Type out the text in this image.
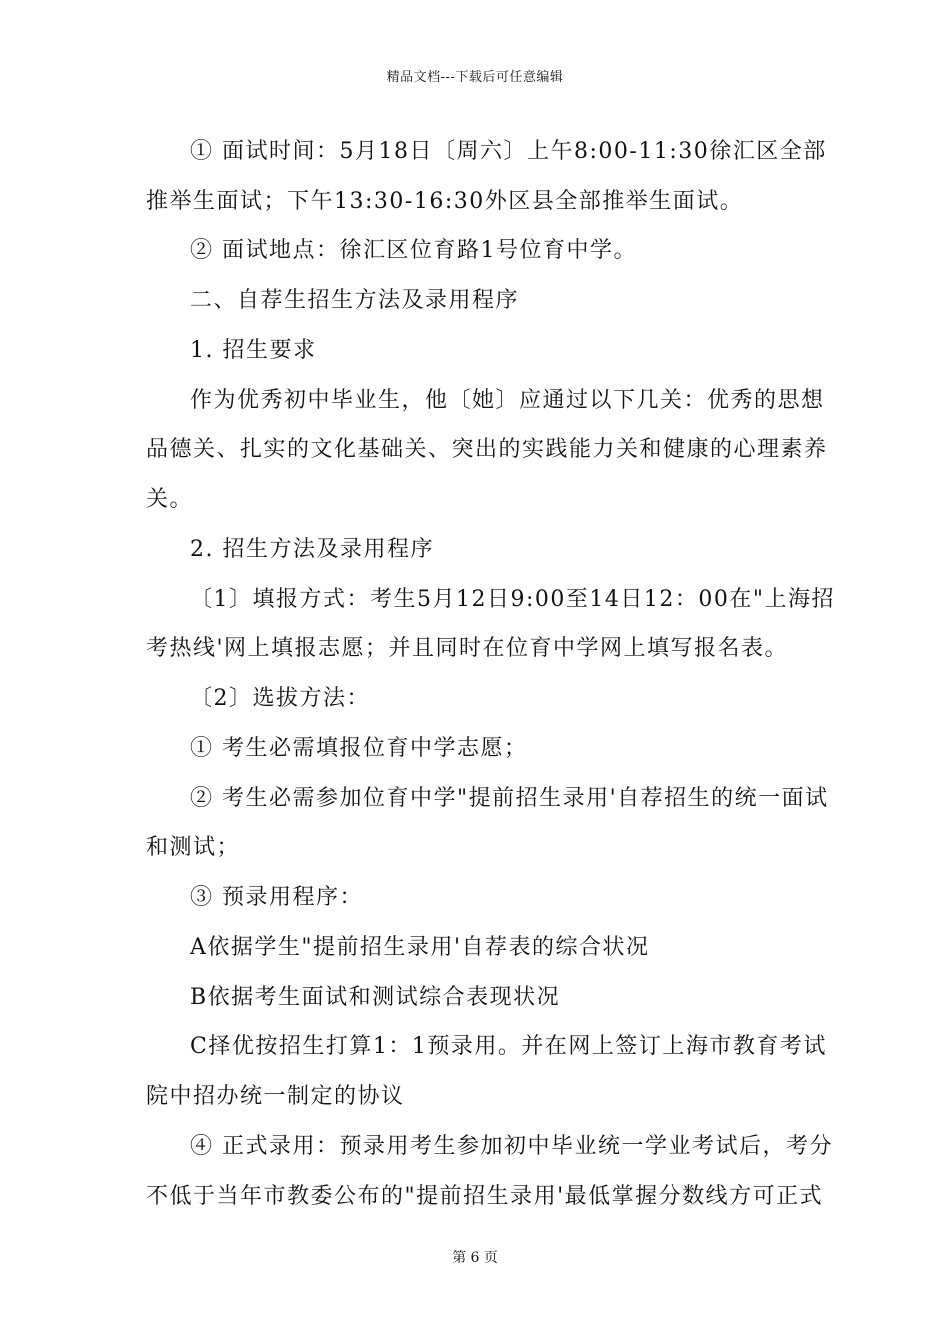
精品文档---下载后可任意编辑
① 面试时间：5月18日〔周六〕上午8:00-11:30徐汇区全部
推举生面试；下午13:30-16:30外区县全部推举生面试。
② 面试地点：徐汇区位育路1号位育中学。
二、自荐生招生方法及录用程序
1. 招生要求
作为优秀初中毕业生，他〔她〕应通过以下几关：优秀的思想
品德关、扎实的文化基础关、突出的实践能力关和健康的心理素养
关。
2. 招生方法及录用程序
〔1〕填报方式：考生5月12日9:00至14日12：00在"上海招
考热线'网上填报志愿；并且同时在位育中学网上填写报名表。
〔2〕选拔方法：
① 考生必需填报位育中学志愿；
② 考生必需参加位育中学"提前招生录用'自荐招生的统一面试
和测试；
③ 预录用程序：
A依据学生"提前招生录用'自荐表的综合状况
B依据考生面试和测试综合表现状况
C择优按招生打算1：1预录用。并在网上签订上海市教育考试
院中招办统一制定的协议
④ 正式录用：预录用考生参加初中毕业统一学业考试后，考分
不低于当年市教委公布的"提前招生录用'最低掌握分数线方可正式
第 6 页
